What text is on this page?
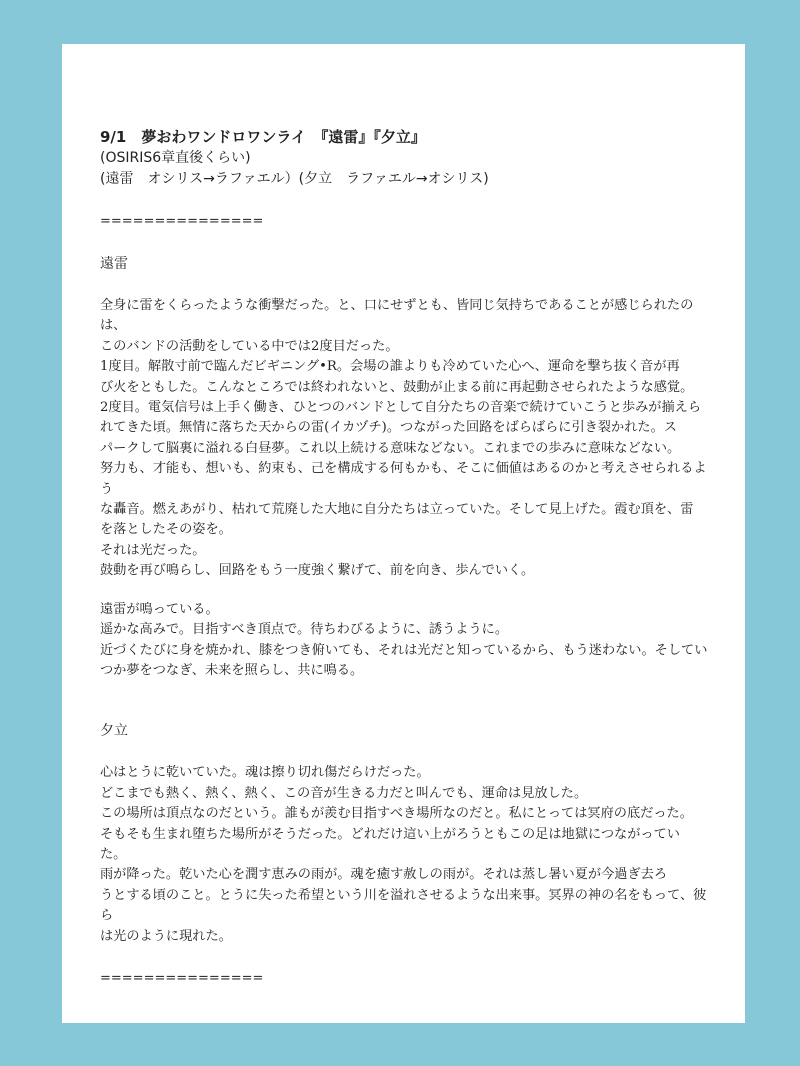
9/1　夢おわワンドロワンライ　『遠雷』『夕立』

(OSIRIS6章直後くらい)

(遠雷　オシリス→ラファエル）(夕立　ラファエル→オシリス)

===============

遠雷

全身に雷をくらったような衝撃だった。と、口にせずとも、皆同じ気持ちであることが感じられたのは、

このバンドの活動をしている中では2度目だった。

1度目。解散寸前で臨んだビギニング•R。会場の誰よりも冷めていた心へ、運命を撃ち抜く音が再

び火をともした。こんなところでは終われないと、鼓動が止まる前に再起動させられたような感覚。

2度目。電気信号は上手く働き、ひとつのバンドとして自分たちの音楽で続けていこうと歩みが揃えら

れてきた頃。無情に落ちた天からの雷(イカヅチ)。つながった回路をばらばらに引き裂かれた。ス

パークして脳裏に溢れる白昼夢。これ以上続ける意味などない。これまでの歩みに意味などない。

努力も、才能も、想いも、約束も、己を構成する何もかも、そこに価値はあるのかと考えさせられるよう

な轟音。燃えあがり、枯れて荒廃した大地に自分たちは立っていた。そして見上げた。霞む頂を、雷

を落としたその姿を。

それは光だった。

鼓動を再び鳴らし、回路をもう一度強く繋げて、前を向き、歩んでいく。

遠雷が鳴っている。

遥かな高みで。目指すべき頂点で。待ちわびるように、誘うように。

近づくたびに身を焼かれ、膝をつき俯いても、それは光だと知っているから、もう迷わない。そしてい

つか夢をつなぎ、未来を照らし、共に鳴る。

夕立

心はとうに乾いていた。魂は擦り切れ傷だらけだった。

どこまでも熱く、熱く、熱く、この音が生きる力だと叫んでも、運命は見放した。

この場所は頂点なのだという。誰もが羨む目指すべき場所なのだと。私にとっては冥府の底だった。

そもそも生まれ堕ちた場所がそうだった。どれだけ這い上がろうともこの足は地獄につながってい

た。

雨が降った。乾いた心を潤す恵みの雨が。魂を癒す赦しの雨が。それは蒸し暑い夏が今過ぎ去ろ

うとする頃のこと。とうに失った希望という川を溢れさせるような出来事。冥界の神の名をもって、彼ら

は光のように現れた。

===============
